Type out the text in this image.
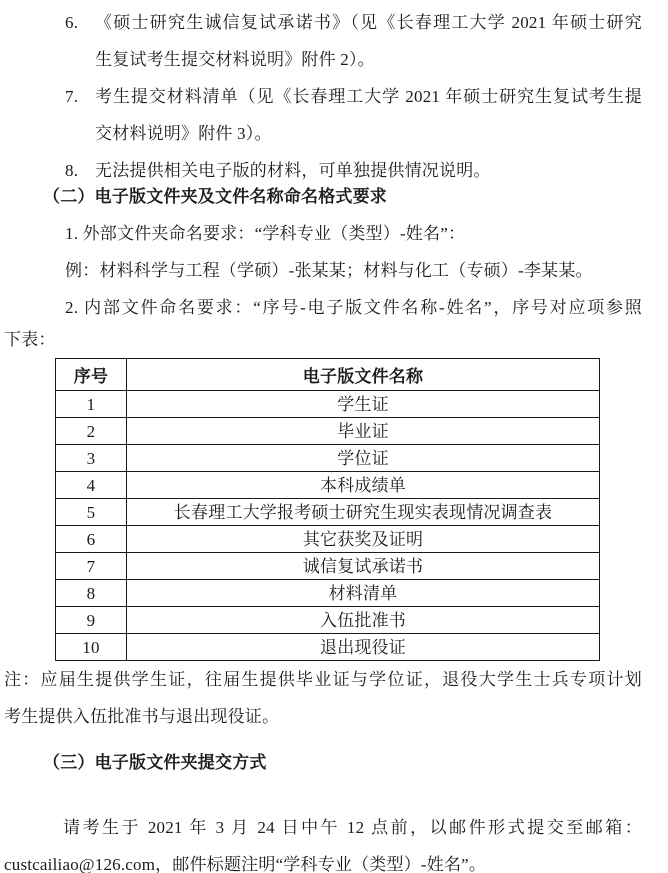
6. 《硕士研究生诚信复试承诺书》（见《长春理工大学 2021 年硕士研究
生复试考生提交材料说明》附件 2）。
7. 考生提交材料清单（见《长春理工大学 2021 年硕士研究生复试考生提
交材料说明》附件 3）。
8. 无法提供相关电子版的材料，可单独提供情况说明。
（二）电子版文件夹及文件名称命名格式要求
1. 外部文件夹命名要求：“学科专业（类型）-姓名”：
例：材料科学与工程（学硕）-张某某；材料与化工（专硕）-李某某。
2. 内部文件命名要求：“序号-电子版文件名称-姓名”，序号对应项参照
下表：
序号	电子版文件名称
1	学生证
2	毕业证
3	学位证
4	本科成绩单
5	长春理工大学报考硕士研究生现实表现情况调查表
6	其它获奖及证明
7	诚信复试承诺书
8	材料清单
9	入伍批准书
10	退出现役证
注：应届生提供学生证，往届生提供毕业证与学位证，退役大学生士兵专项计划
考生提供入伍批准书与退出现役证。
（三）电子版文件夹提交方式
请考生于 2021 年 3 月 24 日中午 12 点前，以邮件形式提交至邮箱：
custcailiao@126.com，邮件标题注明“学科专业（类型）-姓名”。
